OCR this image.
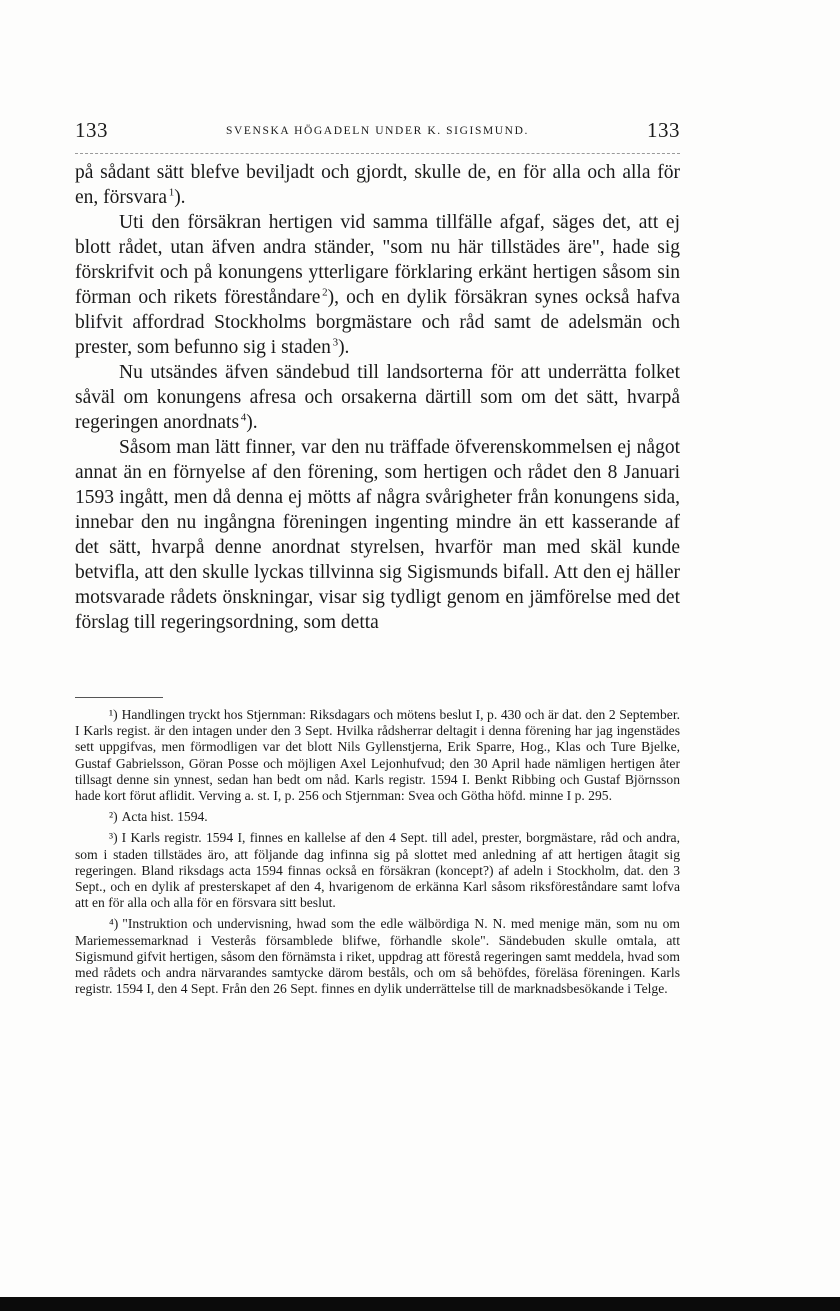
133	SVENSKA HÖGADELN UNDER K. SIGISMUND.	133

på sådant sätt blefve beviljadt och gjordt, skulle de, en för alla och alla för en, försvara  $^1$).

Uti den försäkran hertigen vid samma tillfälle afgaf, säges det, att ej blott rådet, utan äfven andra ständer, "som nu här tillstädes äre", hade sig förskrifvit och på konungens ytterligare förklaring erkänt hertigen såsom sin förman och rikets föreståndare  $^2$), och en dylik försäkran synes också hafva blifvit affordrad Stockholms borgmästare och råd samt de adelsmän och prester, som befunno sig i staden  $^3$).

Nu utsändes äfven sändebud till landsorterna för att underrätta folket såväl om konungens afresa och orsakerna därtill som om det sätt, hvarpå regeringen anordnats  $^4$).

Såsom man lätt finner, var den nu träffade öfverenskommelsen ej något annat än en förnyelse af den förening, som hertigen och rådet den 8 Januari 1593 ingått, men då denna ej mötts af några svårigheter från konungens sida, innebar den nu ingångna föreningen ingenting mindre än ett kasserande af det sätt, hvarpå denne anordnat styrelsen, hvarför man med skäl kunde betvifla, att den skulle lyckas tillvinna sig Sigismunds bifall. Att den ej häller motsvarade rådets önskningar, visar sig tydligt genom en jämförelse med det förslag till regeringsordning, som detta

¹) Handlingen tryckt hos Stjernman: Riksdagars och mötens beslut I, p. 430 och är dat. den 2 September. I Karls regist. är den intagen under den 3 Sept. Hvilka rådsherrar deltagit i denna förening har jag ingenstädes sett uppgifvas, men förmodligen var det blott Nils Gyllenstjerna, Erik Sparre, Hog., Klas och Ture Bjelke, Gustaf Gabrielsson, Göran Posse och möjligen Axel Lejonhufvud; den 30 April hade nämligen hertigen åter tillsagt denne sin ynnest, sedan han bedt om nåd. Karls registr. 1594 I. Benkt Ribbing och Gustaf Björnsson hade kort förut aflidit. Verving a. st. I, p. 256 och Stjernman: Svea och Götha höfd. minne I p. 295.

²) Acta hist. 1594.

³) I Karls registr. 1594 I, finnes en kallelse af den 4 Sept. till adel, prester, borgmästare, råd och andra, som i staden tillstädes äro, att följande dag infinna sig på slottet med anledning af att hertigen åtagit sig regeringen. Bland riksdags acta 1594 finnas också en försäkran (koncept?) af adeln i Stockholm, dat. den 3 Sept., och en dylik af presterskapet af den 4, hvarigenom de erkänna Karl såsom riksföreståndare samt lofva att en för alla och alla för en försvara sitt beslut.

⁴) "Instruktion och undervisning, hwad som the edle wälbördiga N. N. med menige män, som nu om Mariemessemarknad i Vesterås församblede blifwe, förhandle skole". Sändebuden skulle omtala, att Sigismund gifvit hertigen, såsom den förnämsta i riket, uppdrag att förestå regeringen samt meddela, hvad som med rådets och andra närvarandes samtycke därom beståls, och om så behöfdes, föreläsa föreningen. Karls registr. 1594 I, den 4 Sept. Från den 26 Sept. finnes en dylik underrättelse till de marknadsbesökande i Telge.
